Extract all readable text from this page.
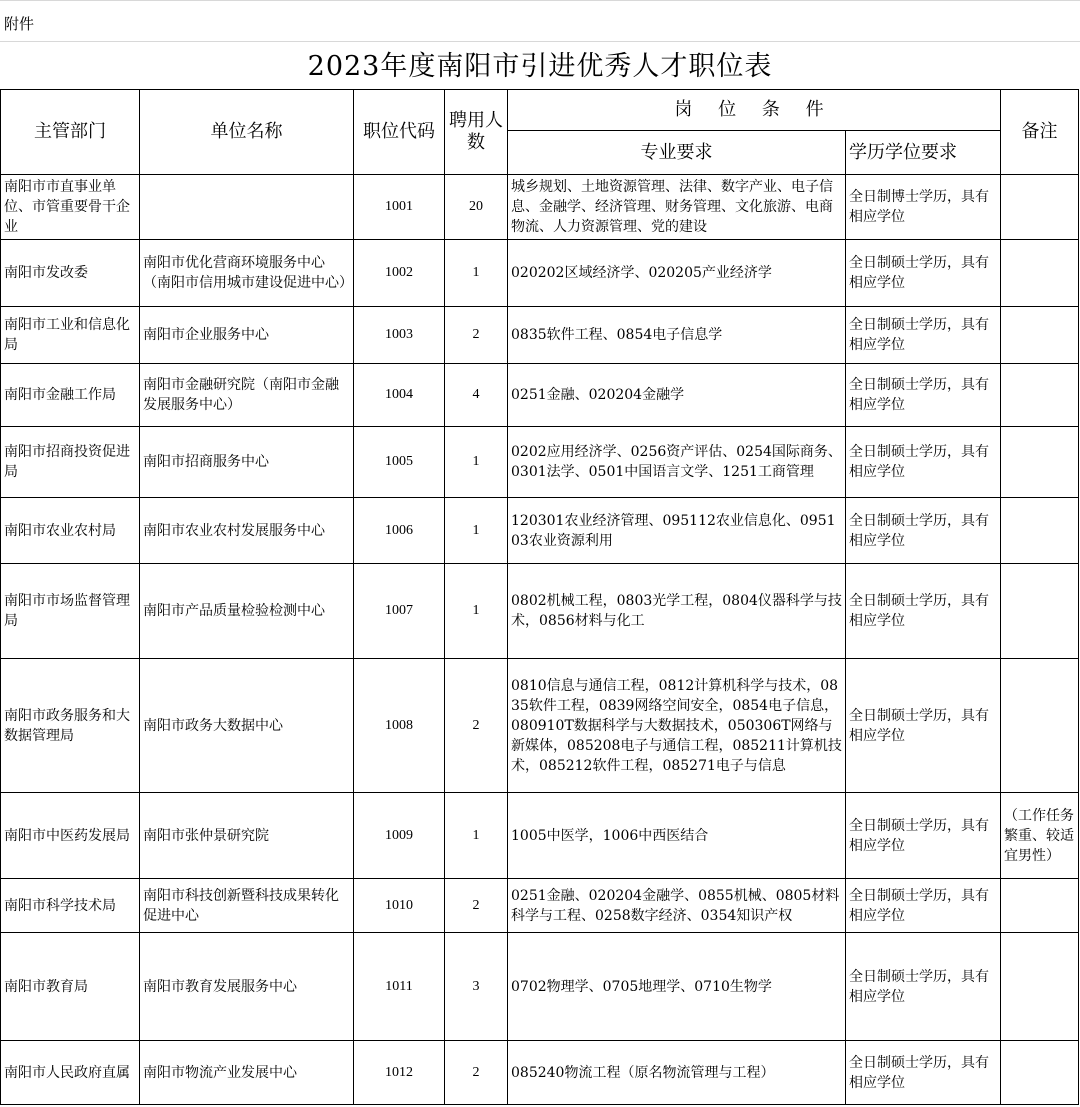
附件
2023年度南阳市引进优秀人才职位表
主管部门	单位名称	职位代码	聘用人数	岗 位 条 件		备注
				专业要求	学历学位要求	
南阳市市直事业单位、市管重要骨干企业		1001	20	城乡规划、土地资源管理、法律、数字产业、电子信息、金融学、经济管理、财务管理、文化旅游、电商物流、人力资源管理、党的建设	全日制博士学历，具有相应学位	
南阳市发改委	南阳市优化营商环境服务中心（南阳市信用城市建设促进中心）	1002	1	020202区域经济学、020205产业经济学	全日制硕士学历，具有相应学位	
南阳市工业和信息化局	南阳市企业服务中心	1003	2	0835软件工程、0854电子信息学	全日制硕士学历，具有相应学位	
南阳市金融工作局	南阳市金融研究院（南阳市金融发展服务中心）	1004	4	0251金融、020204金融学	全日制硕士学历，具有相应学位	
南阳市招商投资促进局	南阳市招商服务中心	1005	1	0202应用经济学、0256资产评估、0254国际商务、0301法学、0501中国语言文学、1251工商管理	全日制硕士学历，具有相应学位	
南阳市农业农村局	南阳市农业农村发展服务中心	1006	1	120301农业经济管理、095112农业信息化、095103农业资源利用	全日制硕士学历，具有相应学位	
南阳市市场监督管理局	南阳市产品质量检验检测中心	1007	1	0802机械工程，0803光学工程，0804仪器科学与技术，0856材料与化工	全日制硕士学历，具有相应学位	
南阳市政务服务和大数据管理局	南阳市政务大数据中心	1008	2	0810信息与通信工程，0812计算机科学与技术，0835软件工程，0839网络空间安全，0854电子信息，080910T数据科学与大数据技术，050306T网络与新媒体，085208电子与通信工程，085211计算机技术，085212软件工程，085271电子与信息	全日制硕士学历，具有相应学位	
南阳市中医药发展局	南阳市张仲景研究院	1009	1	1005中医学，1006中西医结合	全日制硕士学历，具有相应学位	（工作任务繁重、较适宜男性）
南阳市科学技术局	南阳市科技创新暨科技成果转化促进中心	1010	2	0251金融、020204金融学、0855机械、0805材料科学与工程、0258数字经济、0354知识产权	全日制硕士学历，具有相应学位	
南阳市教育局	南阳市教育发展服务中心	1011	3	0702物理学、0705地理学、0710生物学	全日制硕士学历，具有相应学位	
南阳市人民政府直属	南阳市物流产业发展中心	1012	2	085240物流工程（原名物流管理与工程）	全日制硕士学历，具有相应学位	
